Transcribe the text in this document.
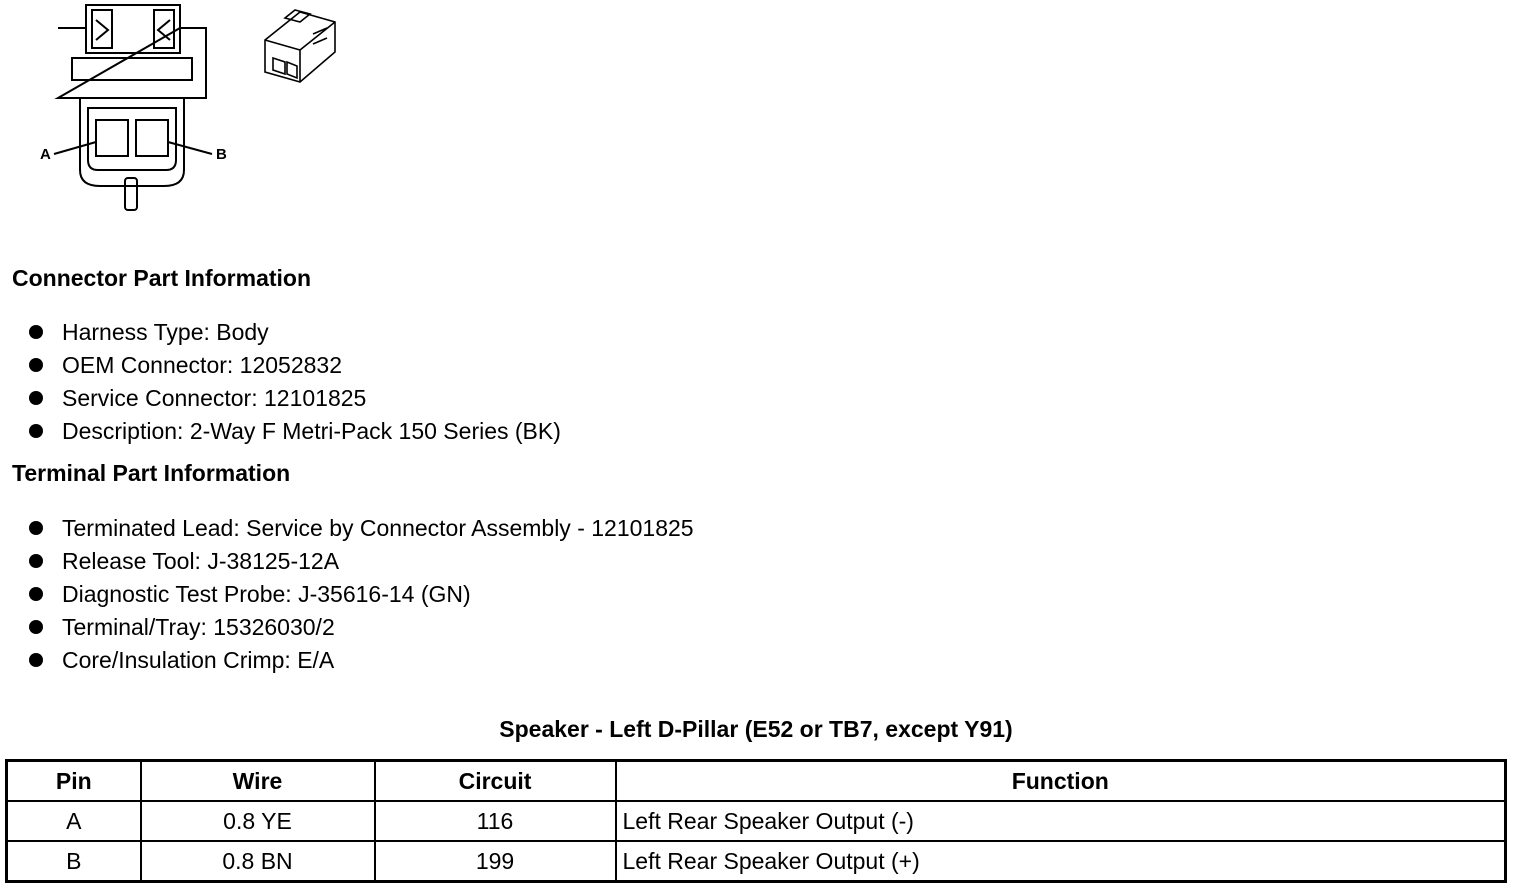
A	B
Connector Part Information
Harness Type: Body
OEM Connector: 12052832
Service Connector: 12101825
Description: 2-Way F Metri-Pack 150 Series (BK)
Terminal Part Information
Terminated Lead: Service by Connector Assembly - 12101825
Release Tool: J-38125-12A
Diagnostic Test Probe: J-35616-14 (GN)
Terminal/Tray: 15326030/2
Core/Insulation Crimp: E/A
Speaker - Left D-Pillar (E52 or TB7, except Y91)
Pin	Wire	Circuit	Function
A	0.8 YE	116	Left Rear Speaker Output (-)
B	0.8 BN	199	Left Rear Speaker Output (+)
